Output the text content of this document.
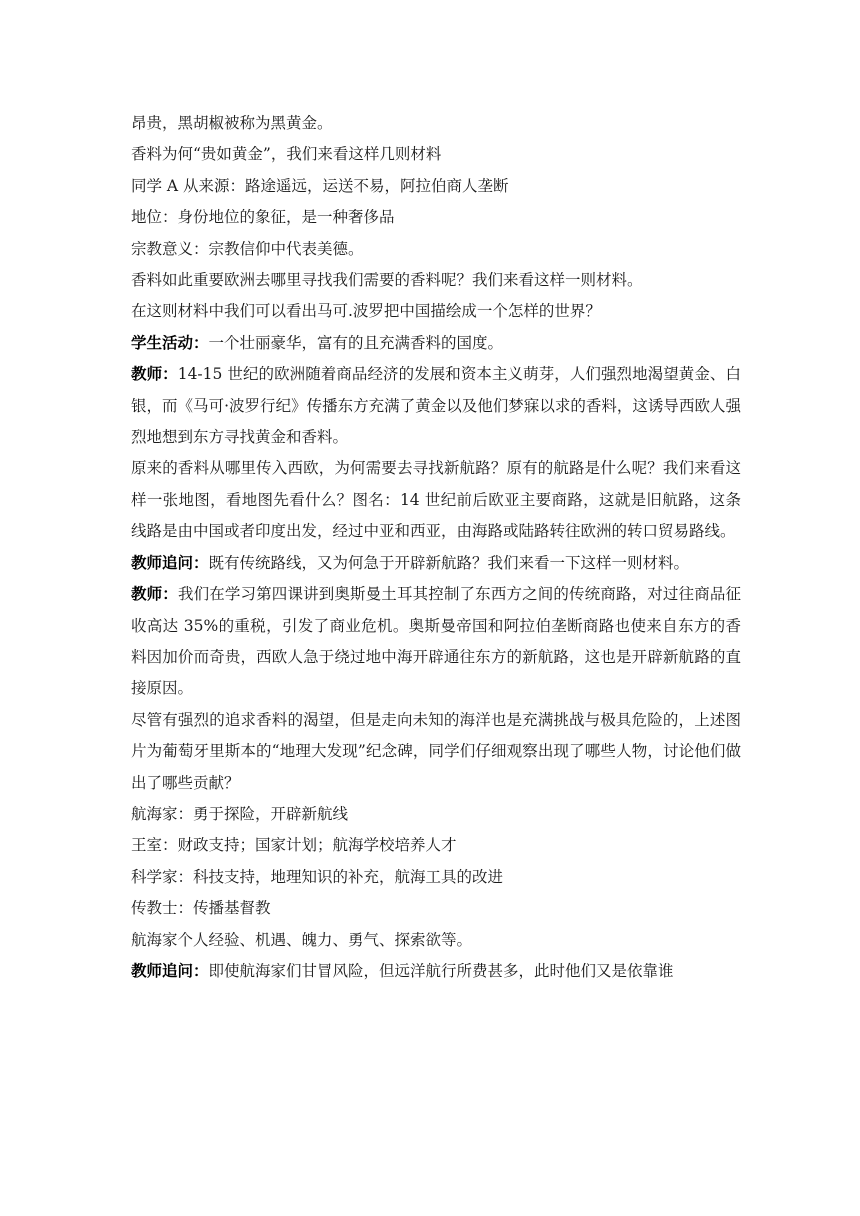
昂贵，黑胡椒被称为黑黄金。

香料为何“贵如黄金”，我们来看这样几则材料

同学 A 从来源：路途遥远，运送不易，阿拉伯商人垄断

地位：身份地位的象征，是一种奢侈品

宗教意义：宗教信仰中代表美德。

香料如此重要欧洲去哪里寻找我们需要的香料呢？我们来看这样一则材料。

在这则材料中我们可以看出马可.波罗把中国描绘成一个怎样的世界？

学生活动：一个壮丽豪华，富有的且充满香料的国度。

教师：14-15 世纪的欧洲随着商品经济的发展和资本主义萌芽，人们强烈地渴望黄金、白银，而《马可·波罗行纪》传播东方充满了黄金以及他们梦寐以求的香料，这诱导西欧人强烈地想到东方寻找黄金和香料。

原来的香料从哪里传入西欧，为何需要去寻找新航路？原有的航路是什么呢？我们来看这样一张地图，看地图先看什么？图名：14 世纪前后欧亚主要商路，这就是旧航路，这条线路是由中国或者印度出发，经过中亚和西亚，由海路或陆路转往欧洲的转口贸易路线。

教师追问：既有传统路线，又为何急于开辟新航路？我们来看一下这样一则材料。

教师：我们在学习第四课讲到奥斯曼土耳其控制了东西方之间的传统商路，对过往商品征收高达 35%的重税，引发了商业危机。奥斯曼帝国和阿拉伯垄断商路也使来自东方的香料因加价而奇贵，西欧人急于绕过地中海开辟通往东方的新航路，这也是开辟新航路的直接原因。

尽管有强烈的追求香料的渴望，但是走向未知的海洋也是充满挑战与极具危险的，上述图片为葡萄牙里斯本的“地理大发现”纪念碑，同学们仔细观察出现了哪些人物，讨论他们做出了哪些贡献？

航海家：勇于探险，开辟新航线

王室：财政支持；国家计划；航海学校培养人才

科学家：科技支持，地理知识的补充，航海工具的改进

传教士：传播基督教

航海家个人经验、机遇、魄力、勇气、探索欲等。

教师追问：即使航海家们甘冒风险，但远洋航行所费甚多，此时他们又是依靠谁
